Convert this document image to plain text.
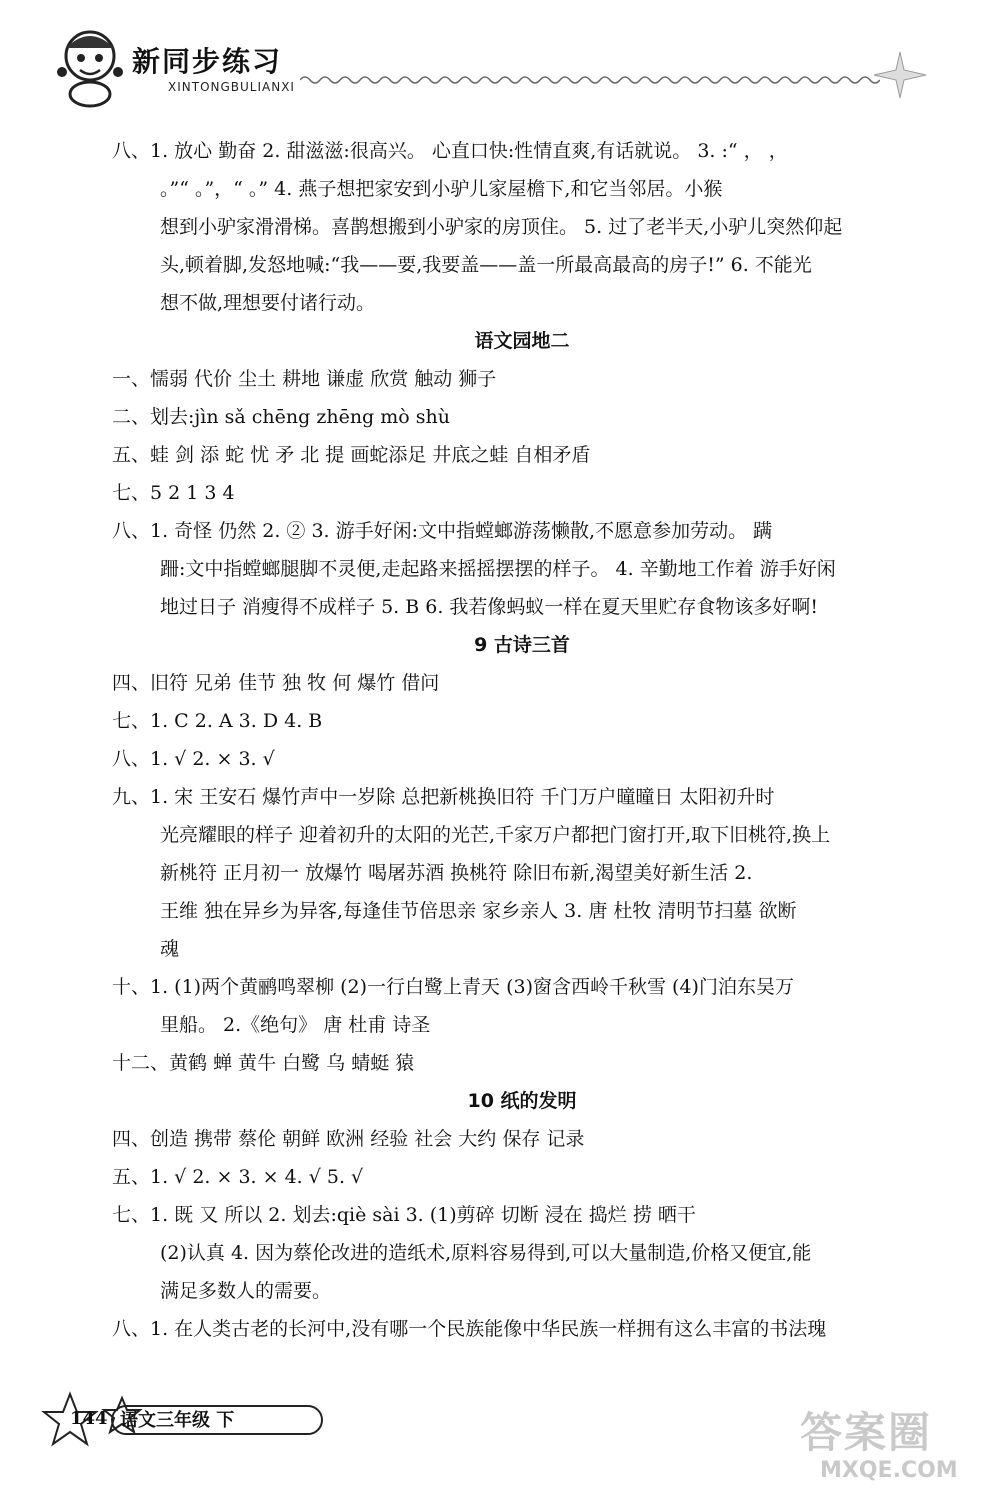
新同步练习
XINTONGBULIANXI
八、1. 放心 勤奋 2. 甜滋滋:很高兴。 心直口快:性情直爽,有话就说。 3. :“ ， ，
。”“ 。”，“ 。” 4. 燕子想把家安到小驴儿家屋檐下,和它当邻居。小猴
想到小驴家滑滑梯。喜鹊想搬到小驴家的房顶住。 5. 过了老半天,小驴儿突然仰起
头,顿着脚,发怒地喊:“我——要,我要盖——盖一所最高最高的房子!” 6. 不能光
想不做,理想要付诸行动。
语文园地二
一、懦弱 代价 尘土 耕地 谦虚 欣赏 触动 狮子
二、划去:jìn sǎ chēng zhēng mò shù
五、蛙 剑 添 蛇 忧 矛 北 提 画蛇添足 井底之蛙 自相矛盾
七、5 2 1 3 4
八、1. 奇怪 仍然 2. ② 3. 游手好闲:文中指螳螂游荡懒散,不愿意参加劳动。 蹒
跚:文中指螳螂腿脚不灵便,走起路来摇摇摆摆的样子。 4. 辛勤地工作着 游手好闲
地过日子 消瘦得不成样子 5. B 6. 我若像蚂蚁一样在夏天里贮存食物该多好啊!
9 古诗三首
四、旧符 兄弟 佳节 独 牧 何 爆竹 借问
七、1. C 2. A 3. D 4. B
八、1. √ 2. × 3. √
九、1. 宋 王安石 爆竹声中一岁除 总把新桃换旧符 千门万户曈曈日 太阳初升时
光亮耀眼的样子 迎着初升的太阳的光芒,千家万户都把门窗打开,取下旧桃符,换上
新桃符 正月初一 放爆竹 喝屠苏酒 换桃符 除旧布新,渴望美好新生活 2.
王维 独在异乡为异客,每逢佳节倍思亲 家乡亲人 3. 唐 杜牧 清明节扫墓 欲断
魂
十、1. (1)两个黄鹂鸣翠柳 (2)一行白鹭上青天 (3)窗含西岭千秋雪 (4)门泊东吴万
里船。 2.《绝句》 唐 杜甫 诗圣
十二、黄鹤 蝉 黄牛 白鹭 乌 蜻蜓 猿
10 纸的发明
四、创造 携带 蔡伦 朝鲜 欧洲 经验 社会 大约 保存 记录
五、1. √ 2. × 3. × 4. √ 5. √
七、1. 既 又 所以 2. 划去:qiè sài 3. (1)剪碎 切断 浸在 捣烂 捞 晒干
(2)认真 4. 因为蔡伦改进的造纸术,原料容易得到,可以大量制造,价格又便宜,能
满足多数人的需要。
八、1. 在人类古老的长河中,没有哪一个民族能像中华民族一样拥有这么丰富的书法瑰
144 语文三年级 下	答案圈
MXQE.COM
